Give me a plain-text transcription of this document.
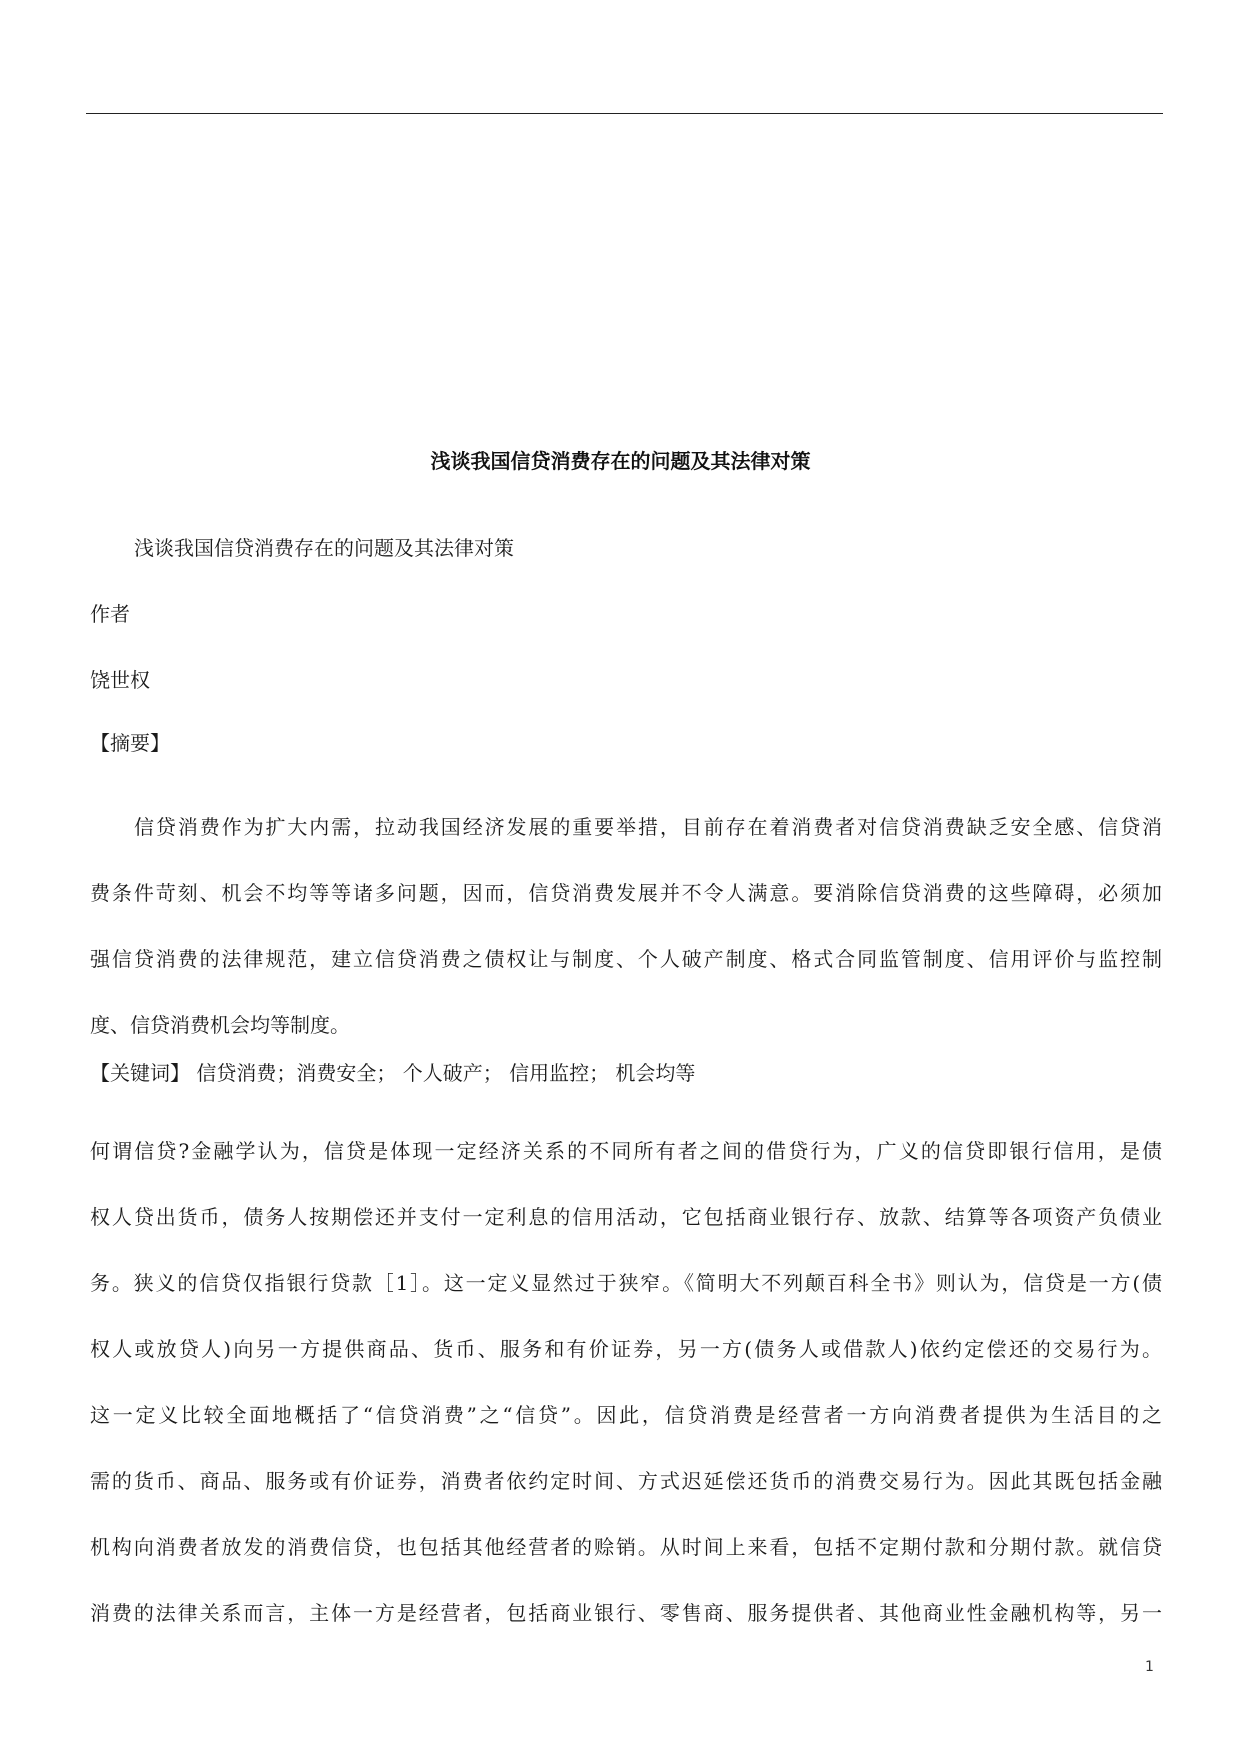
浅谈我国信贷消费存在的问题及其法律对策
浅谈我国信贷消费存在的问题及其法律对策
作者
饶世权
【摘要】
信贷消费作为扩大内需，拉动我国经济发展的重要举措，目前存在着消费者对信贷消费缺乏安全感、信贷消
费条件苛刻、机会不均等等诸多问题，因而，信贷消费发展并不令人满意。要消除信贷消费的这些障碍，必须加
强信贷消费的法律规范，建立信贷消费之债权让与制度、个人破产制度、格式合同监管制度、信用评价与监控制
度、信贷消费机会均等制度。
【关键词】 信贷消费；消费安全； 个人破产； 信用监控； 机会均等
何谓信贷?金融学认为，信贷是体现一定经济关系的不同所有者之间的借贷行为，广义的信贷即银行信用，是债
权人贷出货币，债务人按期偿还并支付一定利息的信用活动，它包括商业银行存、放款、结算等各项资产负债业
务。狭义的信贷仅指银行贷款［1］。这一定义显然过于狭窄。《简明大不列颠百科全书》则认为，信贷是一方(债
权人或放贷人)向另一方提供商品、货币、服务和有价证券，另一方(债务人或借款人)依约定偿还的交易行为。
这一定义比较全面地概括了“信贷消费”之“信贷”。因此，信贷消费是经营者一方向消费者提供为生活目的之
需的货币、商品、服务或有价证券，消费者依约定时间、方式迟延偿还货币的消费交易行为。因此其既包括金融
机构向消费者放发的消费信贷，也包括其他经营者的赊销。从时间上来看，包括不定期付款和分期付款。就信贷
消费的法律关系而言，主体一方是经营者，包括商业银行、零售商、服务提供者、其他商业性金融机构等，另一
1
